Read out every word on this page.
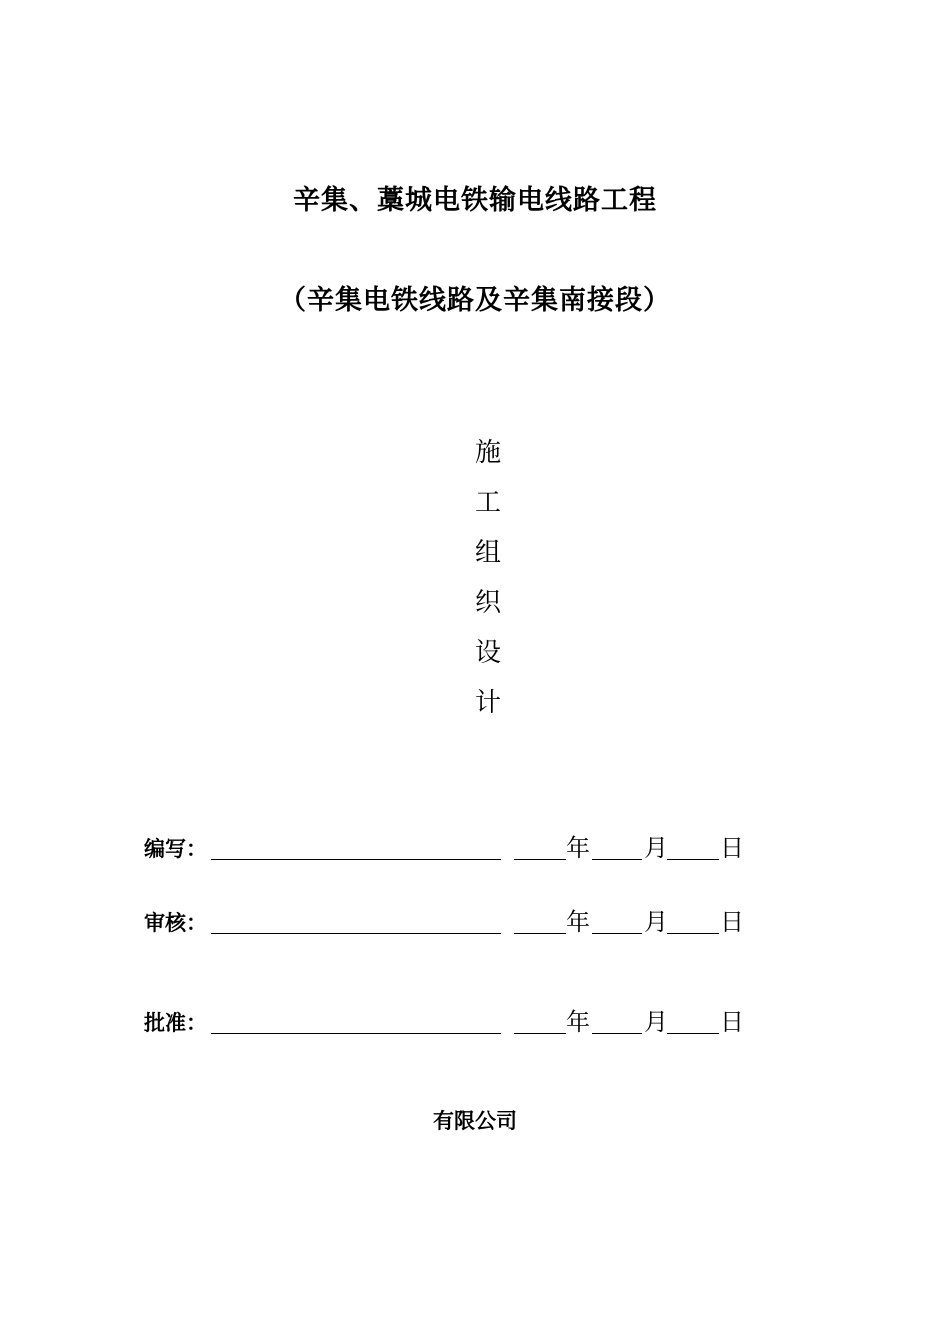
辛集、藁城电铁输电线路工程
（辛集电铁线路及辛集南接段）
施
工
组
织
设
计
编写：	年 月 日
审核：	年 月 日
批准：	年 月 日
有限公司
